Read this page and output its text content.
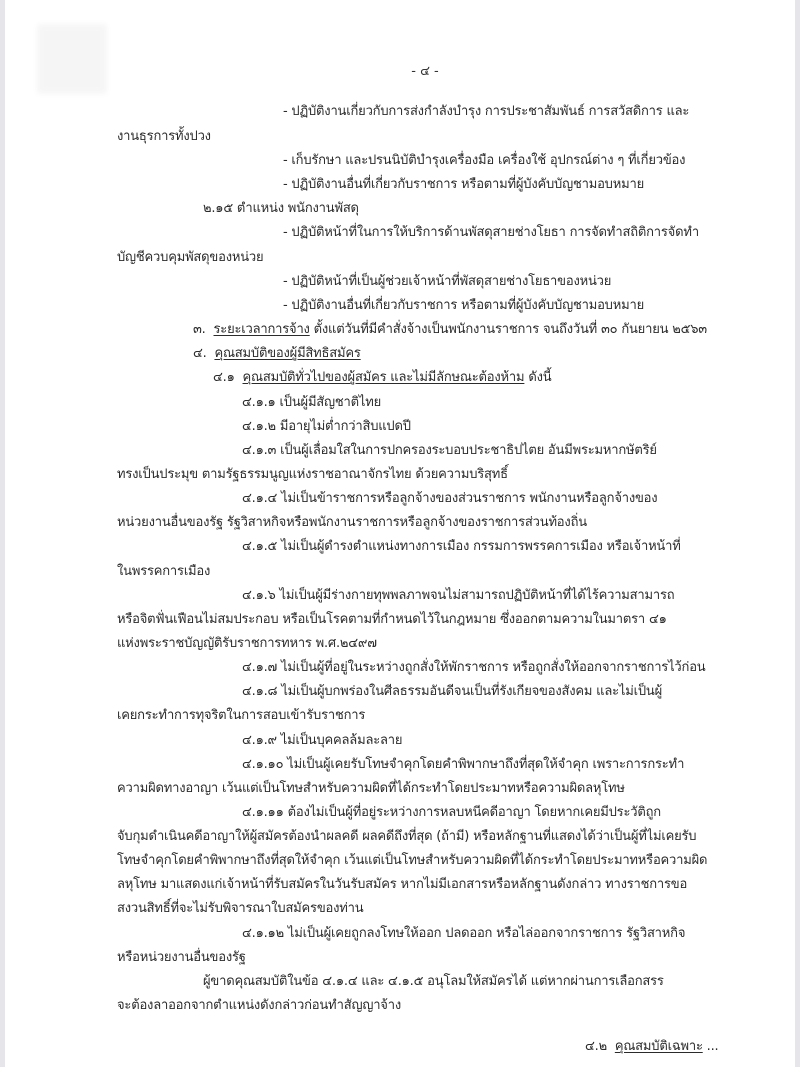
- ๔ -
- ปฏิบัติงานเกี่ยวกับการส่งกำลังบำรุง การประชาสัมพันธ์ การสวัสดิการ และ
งานธุรการทั้งปวง
- เก็บรักษา และปรนนิบัติบำรุงเครื่องมือ เครื่องใช้ อุปกรณ์ต่าง ๆ ที่เกี่ยวข้อง
- ปฏิบัติงานอื่นที่เกี่ยวกับราชการ หรือตามที่ผู้บังคับบัญชามอบหมาย
๒.๑๕ ตำแหน่ง พนักงานพัสดุ
- ปฏิบัติหน้าที่ในการให้บริการด้านพัสดุสายช่างโยธา การจัดทำสถิติการจัดทำ
บัญชีควบคุมพัสดุของหน่วย
- ปฏิบัติหน้าที่เป็นผู้ช่วยเจ้าหน้าที่พัสดุสายช่างโยธาของหน่วย
- ปฏิบัติงานอื่นที่เกี่ยวกับราชการ หรือตามที่ผู้บังคับบัญชามอบหมาย
๓. ระยะเวลาการจ้าง ตั้งแต่วันที่มีคำสั่งจ้างเป็นพนักงานราชการ จนถึงวันที่ ๓๐ กันยายน ๒๕๖๓
๔. คุณสมบัติของผู้มีสิทธิสมัคร
๔.๑ คุณสมบัติทั่วไปของผู้สมัคร และไม่มีลักษณะต้องห้าม ดังนี้
๔.๑.๑ เป็นผู้มีสัญชาติไทย
๔.๑.๒ มีอายุไม่ต่ำกว่าสิบแปดปี
๔.๑.๓ เป็นผู้เลื่อมใสในการปกครองระบอบประชาธิปไตย อันมีพระมหากษัตริย์
ทรงเป็นประมุข ตามรัฐธรรมนูญแห่งราชอาณาจักรไทย ด้วยความบริสุทธิ์
๔.๑.๔ ไม่เป็นข้าราชการหรือลูกจ้างของส่วนราชการ พนักงานหรือลูกจ้างของ
หน่วยงานอื่นของรัฐ รัฐวิสาหกิจหรือพนักงานราชการหรือลูกจ้างของราชการส่วนท้องถิ่น
๔.๑.๕ ไม่เป็นผู้ดำรงตำแหน่งทางการเมือง กรรมการพรรคการเมือง หรือเจ้าหน้าที่
ในพรรคการเมือง
๔.๑.๖ ไม่เป็นผู้มีร่างกายทุพพลภาพจนไม่สามารถปฏิบัติหน้าที่ได้ไร้ความสามารถ
หรือจิตฟั่นเฟือนไม่สมประกอบ หรือเป็นโรคตามที่กำหนดไว้ในกฎหมาย ซึ่งออกตามความในมาตรา ๔๑
แห่งพระราชบัญญัติรับราชการทหาร พ.ศ.๒๔๙๗
๔.๑.๗ ไม่เป็นผู้ที่อยู่ในระหว่างถูกสั่งให้พักราชการ หรือถูกสั่งให้ออกจากราชการไว้ก่อน
๔.๑.๘ ไม่เป็นผู้บกพร่องในศีลธรรมอันดีจนเป็นที่รังเกียจของสังคม และไม่เป็นผู้
เคยกระทำการทุจริตในการสอบเข้ารับราชการ
๔.๑.๙ ไม่เป็นบุคคลล้มละลาย
๔.๑.๑๐ ไม่เป็นผู้เคยรับโทษจำคุกโดยคำพิพากษาถึงที่สุดให้จำคุก เพราะการกระทำ
ความผิดทางอาญา เว้นแต่เป็นโทษสำหรับความผิดที่ได้กระทำโดยประมาทหรือความผิดลหุโทษ
๔.๑.๑๑ ต้องไม่เป็นผู้ที่อยู่ระหว่างการหลบหนีคดีอาญา โดยหากเคยมีประวัติถูก
จับกุมดำเนินคดีอาญาให้ผู้สมัครต้องนำผลคดี ผลคดีถึงที่สุด (ถ้ามี) หรือหลักฐานที่แสดงได้ว่าเป็นผู้ที่ไม่เคยรับ
โทษจำคุกโดยคำพิพากษาถึงที่สุดให้จำคุก เว้นแต่เป็นโทษสำหรับความผิดที่ได้กระทำโดยประมาทหรือความผิด
ลหุโทษ มาแสดงแก่เจ้าหน้าที่รับสมัครในวันรับสมัคร หากไม่มีเอกสารหรือหลักฐานดังกล่าว ทางราชการขอ
สงวนสิทธิ์ที่จะไม่รับพิจารณาใบสมัครของท่าน
๔.๑.๑๒ ไม่เป็นผู้เคยถูกลงโทษให้ออก ปลดออก หรือไล่ออกจากราชการ รัฐวิสาหกิจ
หรือหน่วยงานอื่นของรัฐ
ผู้ขาดคุณสมบัติในข้อ ๔.๑.๔ และ ๔.๑.๕ อนุโลมให้สมัครได้ แต่หากผ่านการเลือกสรร
จะต้องลาออกจากตำแหน่งดังกล่าวก่อนทำสัญญาจ้าง
๔.๒ คุณสมบัติเฉพาะ ...
